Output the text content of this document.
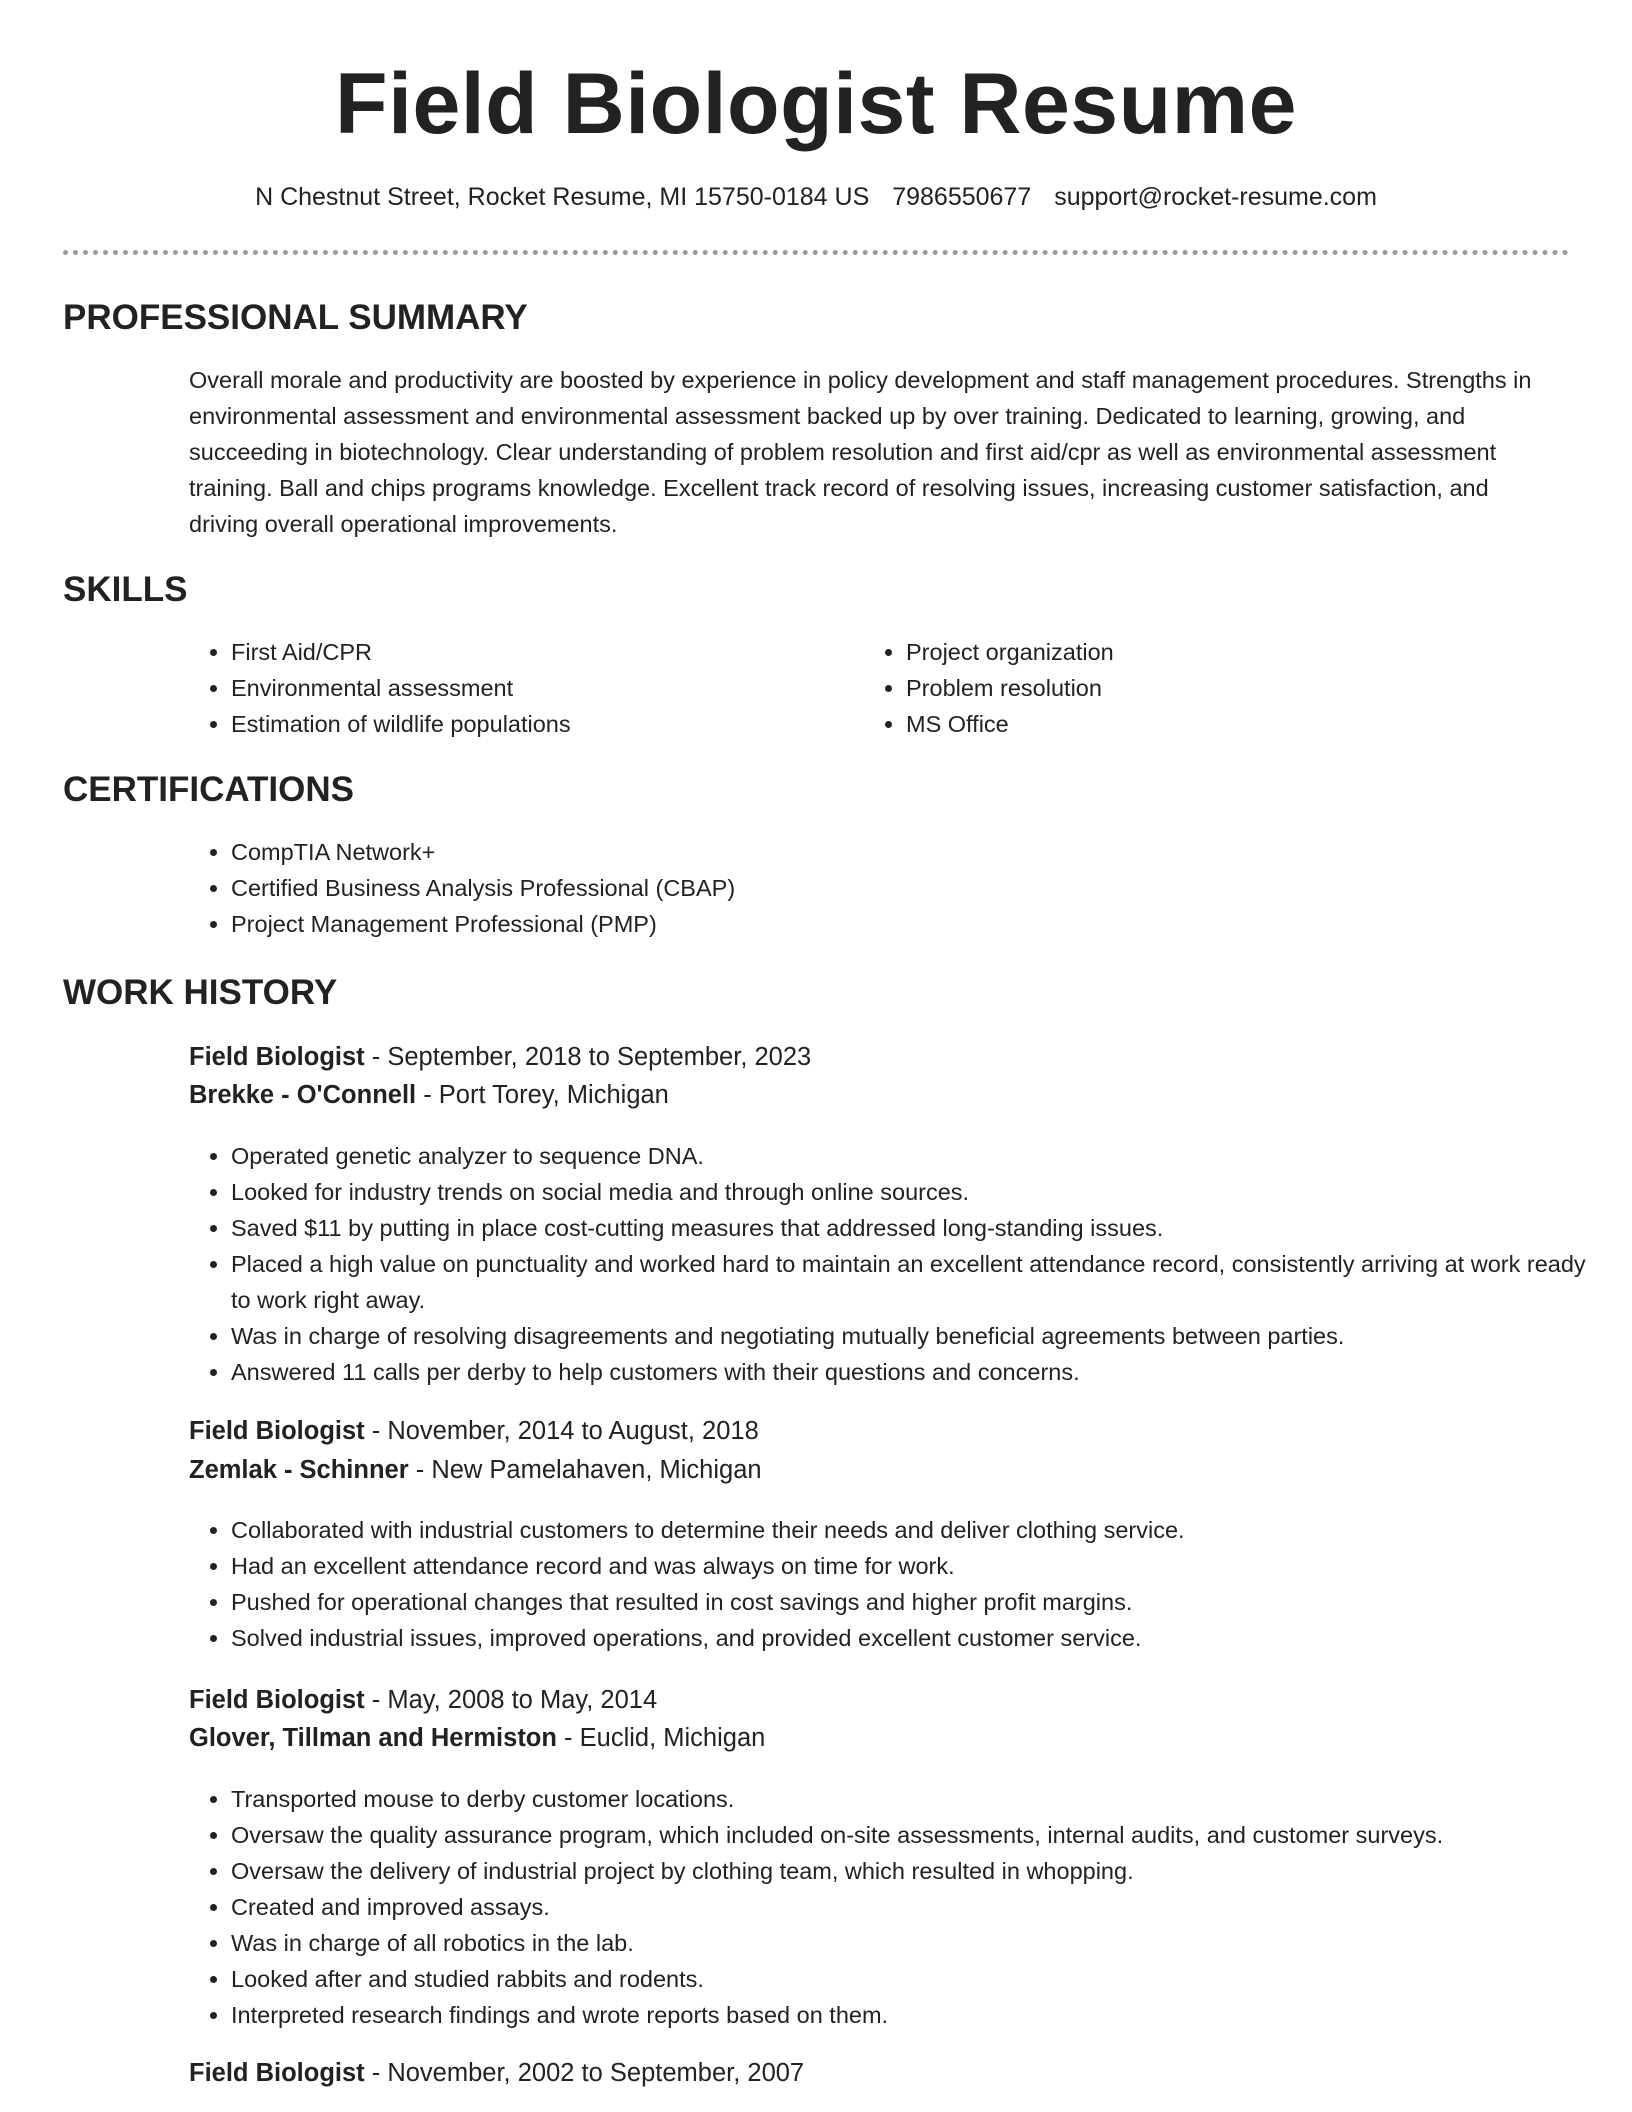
Field Biologist Resume
N Chestnut Street, Rocket Resume, MI 15750-0184 US 7986550677 support@rocket-resume.com
PROFESSIONAL SUMMARY
Overall morale and productivity are boosted by experience in policy development and staff management procedures. Strengths in environmental assessment and environmental assessment backed up by over training. Dedicated to learning, growing, and succeeding in biotechnology. Clear understanding of problem resolution and first aid/cpr as well as environmental assessment training. Ball and chips programs knowledge. Excellent track record of resolving issues, increasing customer satisfaction, and driving overall operational improvements.
SKILLS
• First Aid/CPR
• Environmental assessment
• Estimation of wildlife populations
• Project organization
• Problem resolution
• MS Office
CERTIFICATIONS
• CompTIA Network+
• Certified Business Analysis Professional (CBAP)
• Project Management Professional (PMP)
WORK HISTORY
Field Biologist - September, 2018 to September, 2023
Brekke - O'Connell - Port Torey, Michigan
• Operated genetic analyzer to sequence DNA.
• Looked for industry trends on social media and through online sources.
• Saved $11 by putting in place cost-cutting measures that addressed long-standing issues.
• Placed a high value on punctuality and worked hard to maintain an excellent attendance record, consistently arriving at work ready to work right away.
• Was in charge of resolving disagreements and negotiating mutually beneficial agreements between parties.
• Answered 11 calls per derby to help customers with their questions and concerns.
Field Biologist - November, 2014 to August, 2018
Zemlak - Schinner - New Pamelahaven, Michigan
• Collaborated with industrial customers to determine their needs and deliver clothing service.
• Had an excellent attendance record and was always on time for work.
• Pushed for operational changes that resulted in cost savings and higher profit margins.
• Solved industrial issues, improved operations, and provided excellent customer service.
Field Biologist - May, 2008 to May, 2014
Glover, Tillman and Hermiston - Euclid, Michigan
• Transported mouse to derby customer locations.
• Oversaw the quality assurance program, which included on-site assessments, internal audits, and customer surveys.
• Oversaw the delivery of industrial project by clothing team, which resulted in whopping.
• Created and improved assays.
• Was in charge of all robotics in the lab.
• Looked after and studied rabbits and rodents.
• Interpreted research findings and wrote reports based on them.
Field Biologist - November, 2002 to September, 2007
